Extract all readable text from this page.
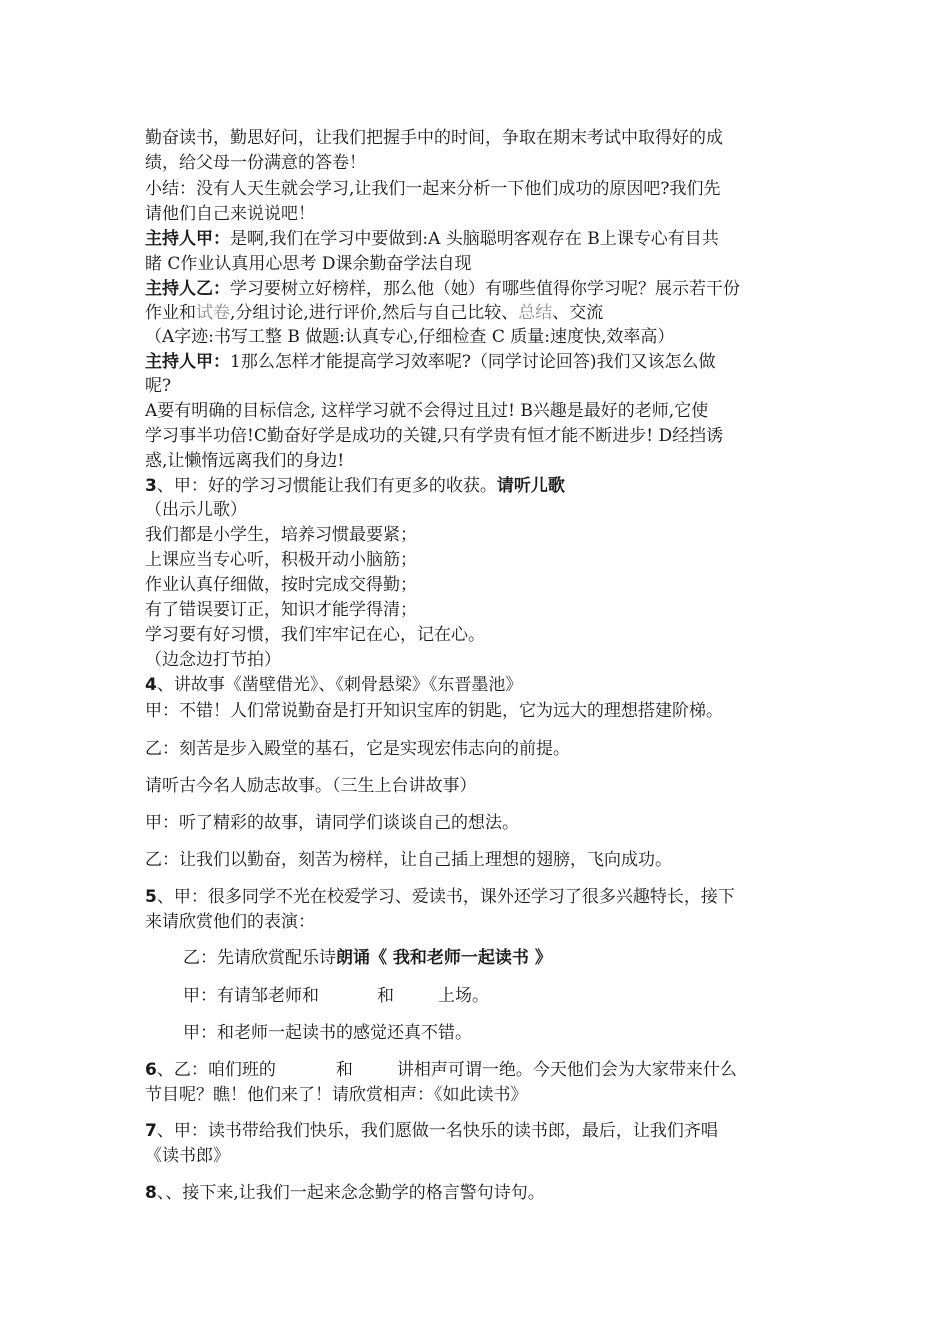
勤奋读书，勤思好问，让我们把握手中的时间，争取在期末考试中取得好的成
绩，给父母一份满意的答卷！
小结：没有人天生就会学习,让我们一起来分析一下他们成功的原因吧?我们先
请他们自己来说说吧！
主持人甲：是啊,我们在学习中要做到:A 头脑聪明客观存在 B上课专心有目共
睹 C作业认真用心思考 D课余勤奋学法自现
主持人乙：学习要树立好榜样，那么他（她）有哪些值得你学习呢？展示若干份
作业和试卷,分组讨论,进行评价,然后与自己比较、总结、交流
（A字迹:书写工整 B 做题:认真专心,仔细检查 C 质量:速度快,效率高）
主持人甲：1那么怎样才能提高学习效率呢?（同学讨论回答)我们又该怎么做
呢?
A要有明确的目标信念, 这样学习就不会得过且过! B兴趣是最好的老师,它使
学习事半功倍!C勤奋好学是成功的关键,只有学贵有恒才能不断进步! D经挡诱
惑,让懒惰远离我们的身边!
3、甲：好的学习习惯能让我们有更多的收获。请听儿歌
（出示儿歌）
我们都是小学生，培养习惯最要紧；
上课应当专心听，积极开动小脑筋；
作业认真仔细做，按时完成交得勤；
有了错误要订正，知识才能学得清；
学习要有好习惯，我们牢牢记在心，记在心。
（边念边打节拍）
4、讲故事《凿壁借光》、《刺骨悬梁》《东晋墨池》
甲：不错！人们常说勤奋是打开知识宝库的钥匙，它为远大的理想搭建阶梯。
乙：刻苦是步入殿堂的基石，它是实现宏伟志向的前提。
请听古今名人励志故事。（三生上台讲故事）
甲：听了精彩的故事，请同学们谈谈自己的想法。
乙：让我们以勤奋，刻苦为榜样，让自己插上理想的翅膀，飞向成功。
5、甲：很多同学不光在校爱学习、爱读书，课外还学习了很多兴趣特长，接下
来请欣赏他们的表演：
乙：先请欣赏配乐诗朗诵《 我和老师一起读书 》
甲：有请邹老师和	和	上场。
甲：和老师一起读书的感觉还真不错。
6、乙：咱们班的	和	讲相声可谓一绝。今天他们会为大家带来什么
节目呢？瞧！他们来了！请欣赏相声：《如此读书》
7、甲：读书带给我们快乐，我们愿做一名快乐的读书郎，最后，让我们齐唱
《读书郎》
8、、接下来,让我们一起来念念勤学的格言警句诗句。
